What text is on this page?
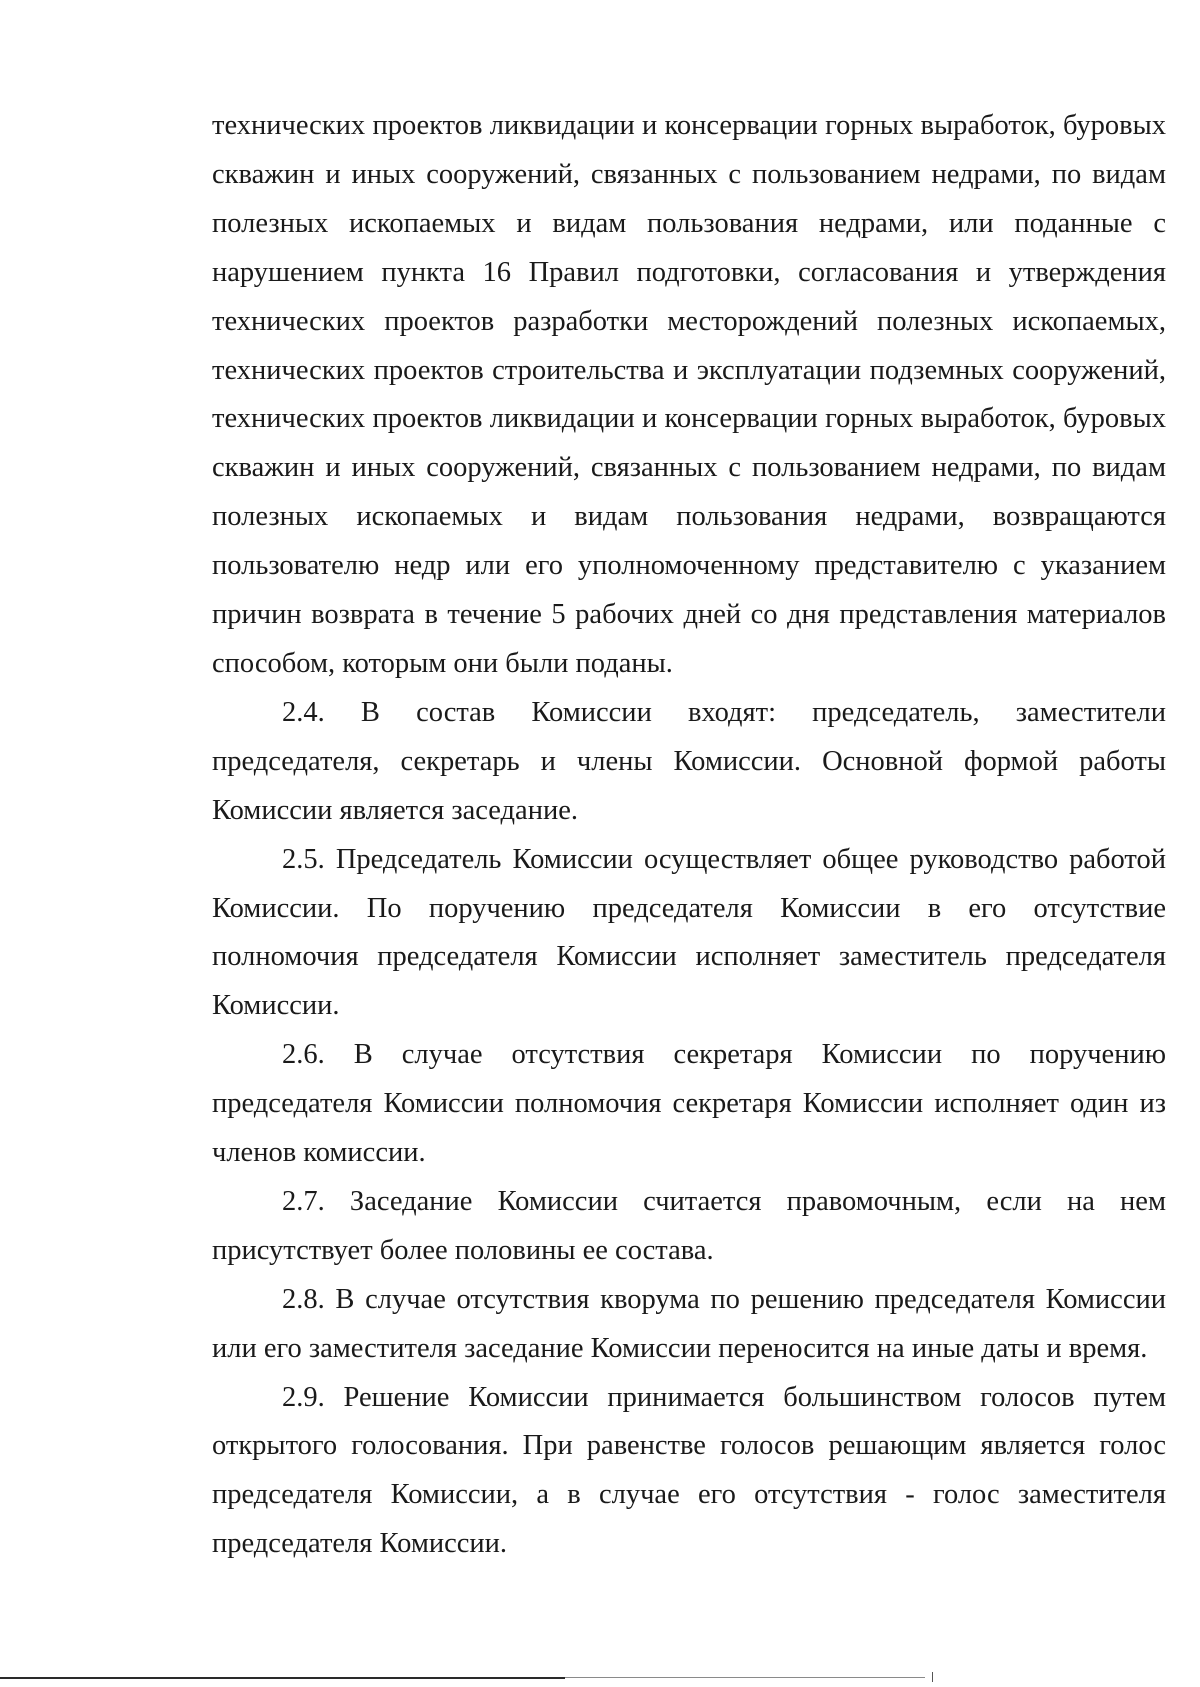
технических проектов ликвидации и консервации горных выработок, буровых скважин и иных сооружений, связанных с пользованием недрами, по видам полезных ископаемых и видам пользования недрами, или поданные с нарушением пункта 16 Правил подготовки, согласования и утверждения технических проектов разработки месторождений полезных ископаемых, технических проектов строительства и эксплуатации подземных сооружений, технических проектов ликвидации и консервации горных выработок, буровых скважин и иных сооружений, связанных с пользованием недрами, по видам полезных ископаемых и видам пользования недрами, возвращаются пользователю недр или его уполномоченному представителю с указанием причин возврата в течение 5 рабочих дней со дня представления материалов способом, которым они были поданы.

2.4. В состав Комиссии входят: председатель, заместители председателя, секретарь и члены Комиссии. Основной формой работы Комиссии является заседание.

2.5. Председатель Комиссии осуществляет общее руководство работой Комиссии. По поручению председателя Комиссии в его отсутствие полномочия председателя Комиссии исполняет заместитель председателя Комиссии.

2.6. В случае отсутствия секретаря Комиссии по поручению председателя Комиссии полномочия секретаря Комиссии исполняет один из членов комиссии.

2.7. Заседание Комиссии считается правомочным, если на нем присутствует более половины ее состава.

2.8. В случае отсутствия кворума по решению председателя Комиссии или его заместителя заседание Комиссии переносится на иные даты и время.

2.9. Решение Комиссии принимается большинством голосов путем открытого голосования. При равенстве голосов решающим является голос председателя Комиссии, а в случае его отсутствия - голос заместителя председателя Комиссии.
